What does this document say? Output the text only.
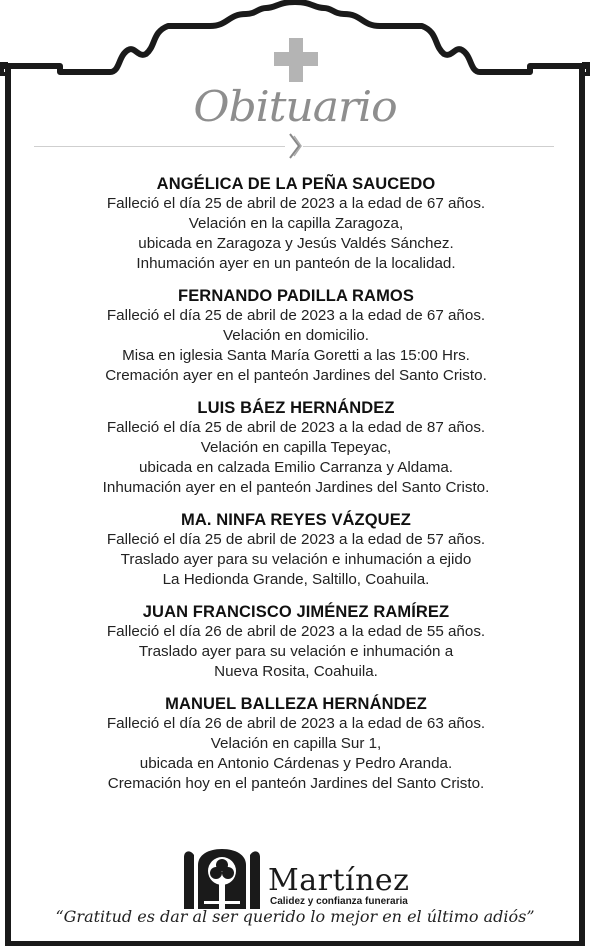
Obituario
ANGÉLICA DE LA PEÑA SAUCEDO
Falleció el día 25 de abril de 2023 a la edad de 67 años.
Velación en la capilla Zaragoza,
ubicada en Zaragoza y Jesús Valdés Sánchez.
Inhumación ayer en un panteón de la localidad.
FERNANDO PADILLA RAMOS
Falleció el día 25 de abril de 2023 a la edad de 67 años.
Velación en domicilio.
Misa en iglesia Santa María Goretti a las 15:00 Hrs.
Cremación ayer en el panteón Jardines del Santo Cristo.
LUIS BÁEZ HERNÁNDEZ
Falleció el día 25 de abril de 2023 a la edad de 87 años.
Velación en capilla Tepeyac,
ubicada en calzada Emilio Carranza y Aldama.
Inhumación ayer en el panteón Jardines del Santo Cristo.
MA. NINFA REYES VÁZQUEZ
Falleció el día 25 de abril de 2023 a la edad de 57 años.
Traslado ayer para su velación e inhumación a ejido
La Hedionda Grande, Saltillo, Coahuila.
JUAN FRANCISCO JIMÉNEZ RAMÍREZ
Falleció el día 26 de abril de 2023 a la edad de 55 años.
Traslado ayer para su velación e inhumación a
Nueva Rosita, Coahuila.
MANUEL BALLEZA HERNÁNDEZ
Falleció el día 26 de abril de 2023 a la edad de 63 años.
Velación en capilla Sur 1,
ubicada en Antonio Cárdenas y Pedro Aranda.
Cremación hoy en el panteón Jardines del Santo Cristo.
Martínez
Calidez y confianza funeraria
“Gratitud es dar al ser querido lo mejor en el último adiós”
